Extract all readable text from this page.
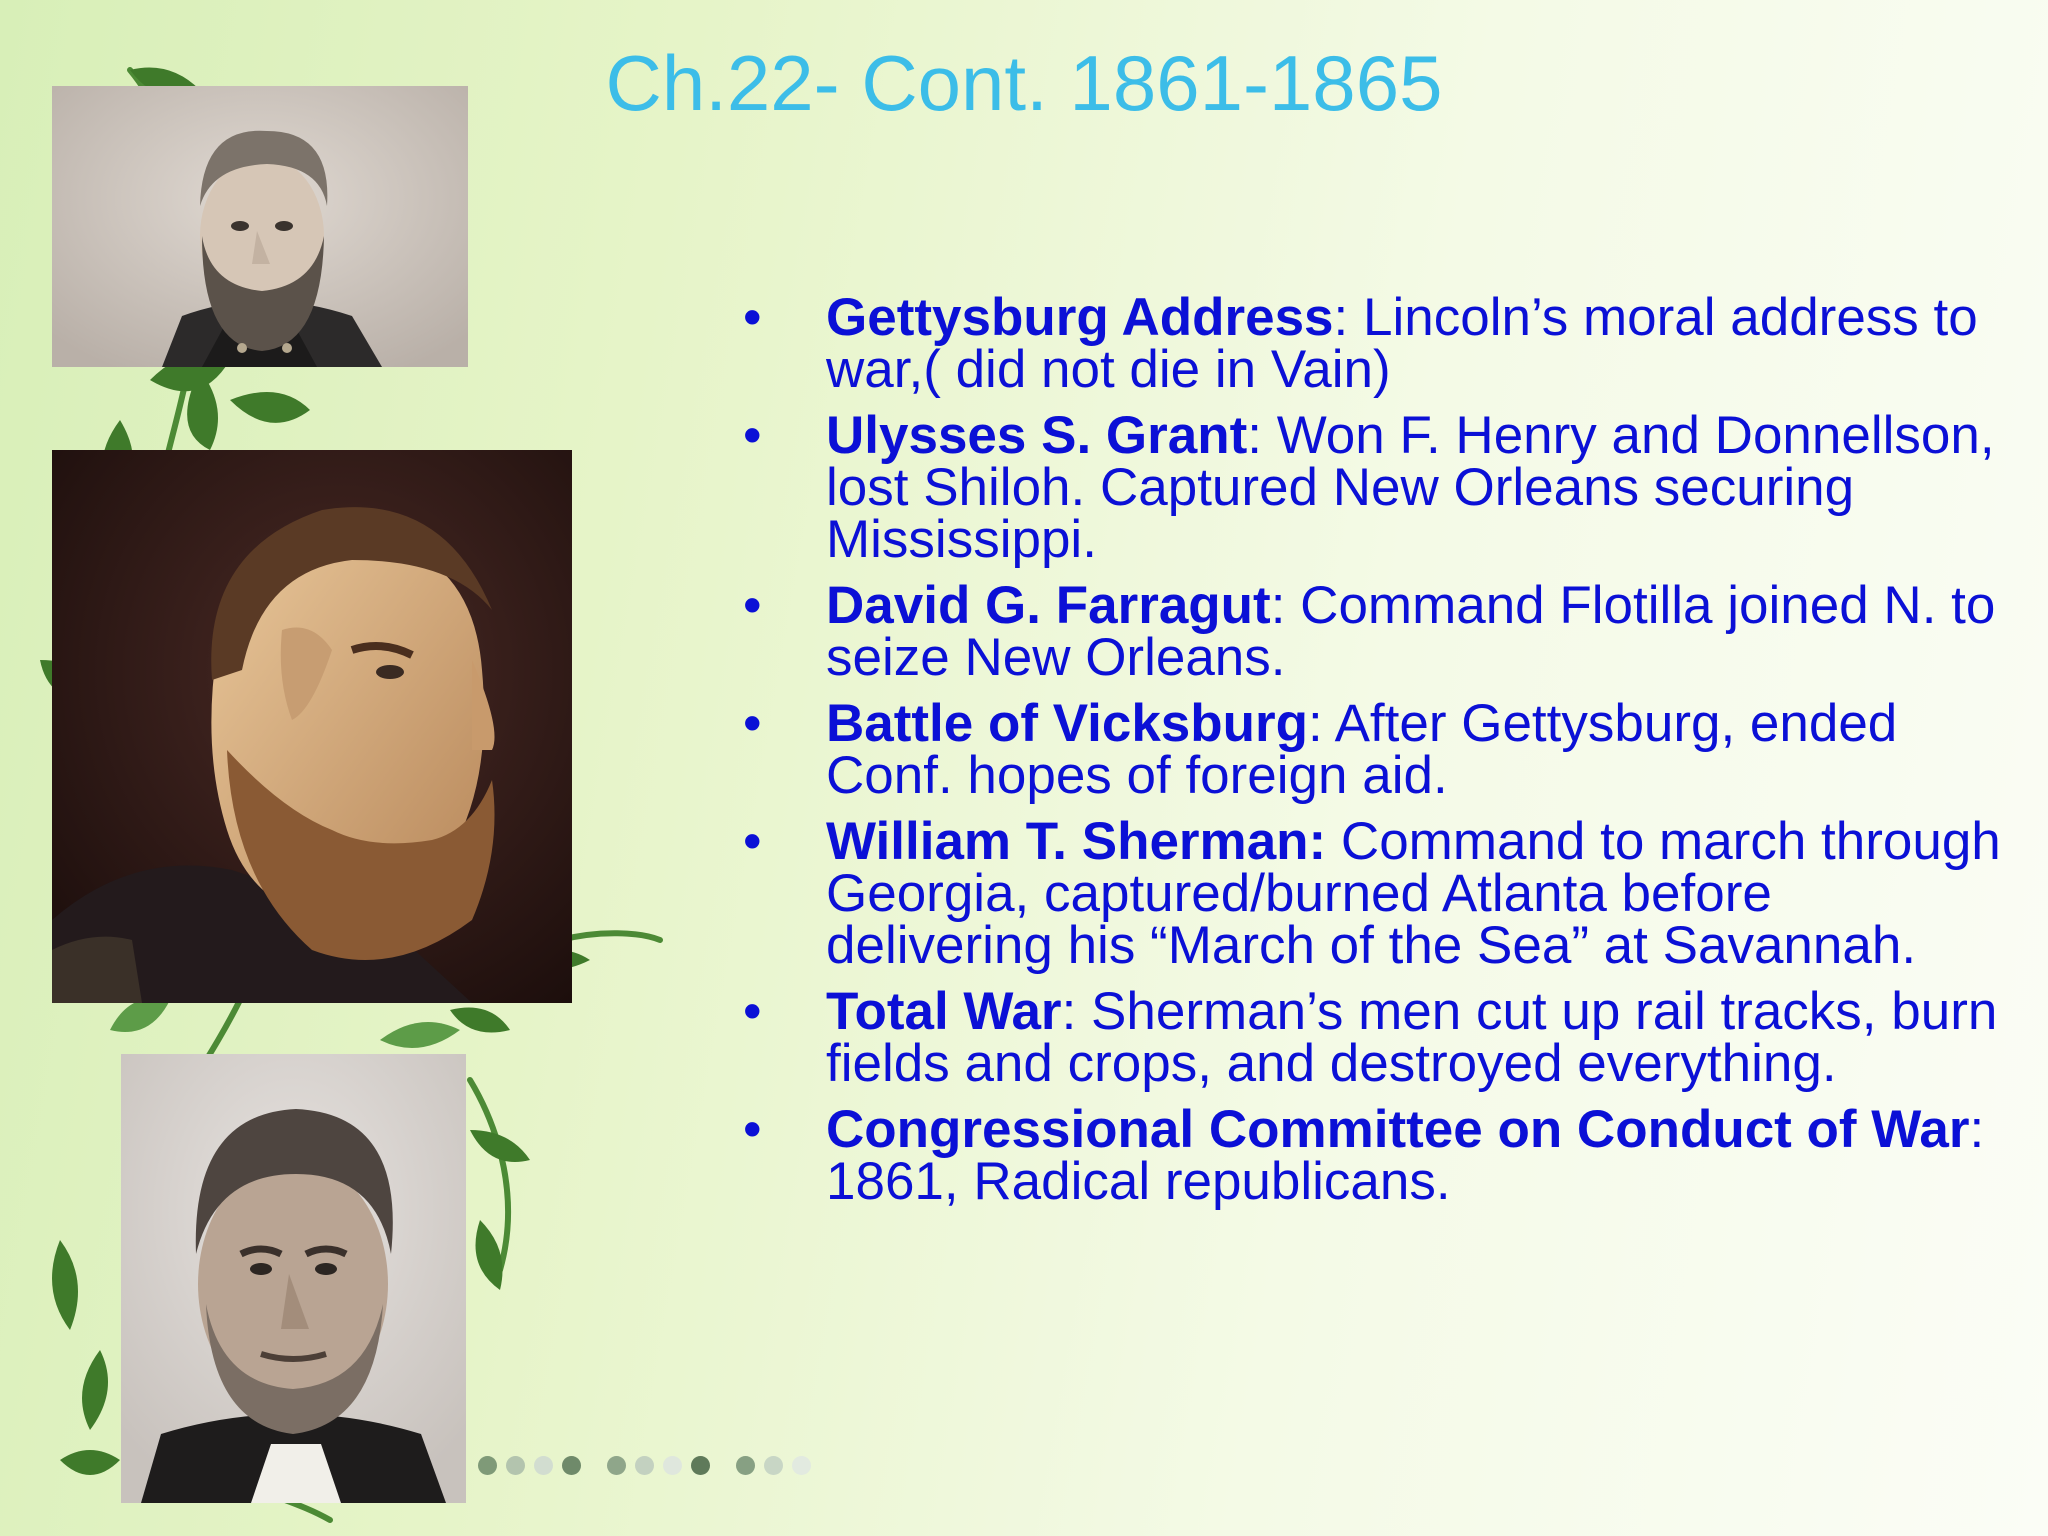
Ch.22- Cont. 1861-1865
• Gettysburg Address: Lincoln’s moral address to war,( did not die in Vain)
• Ulysses S. Grant: Won F. Henry and Donnellson, lost Shiloh. Captured New Orleans securing Mississippi.
• David G. Farragut: Command Flotilla joined N. to seize New Orleans.
• Battle of Vicksburg: After Gettysburg, ended Conf. hopes of foreign aid.
• William T. Sherman: Command to march through Georgia, captured/burned Atlanta before delivering his “March of the Sea” at Savannah.
• Total War: Sherman’s men cut up rail tracks, burn fields and crops, and destroyed everything.
• Congressional Committee on Conduct of War: 1861, Radical republicans.
